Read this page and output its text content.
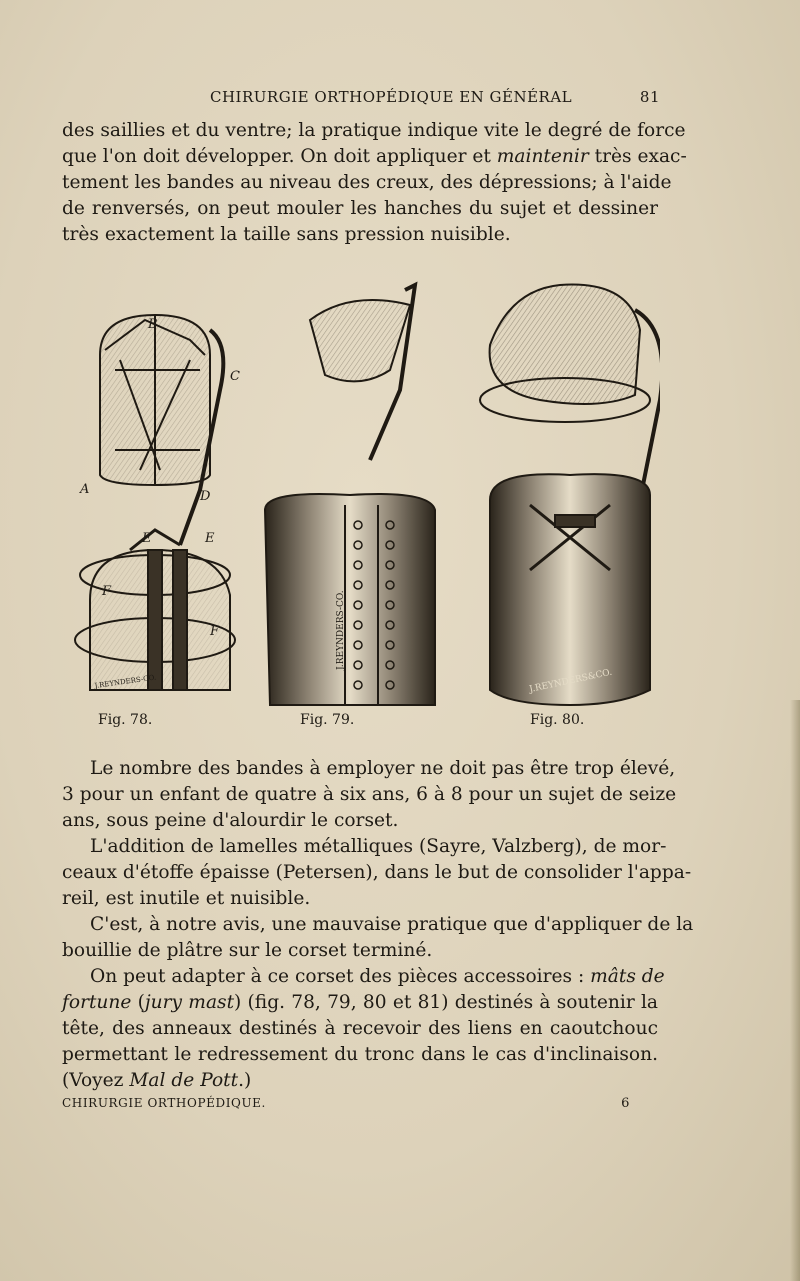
CHIRURGIE ORTHOPÉDIQUE EN GÉNÉRAL	81
des saillies et du ventre; la pratique indique vite le degré de force
que l'on doit développer. On doit appliquer et maintenir très exac-
tement les bandes au niveau des creux, des dépressions; à l'aide
de renversés, on peut mouler les hanches du sujet et dessiner
très exactement la taille sans pression nuisible.
B
C
A	D
E	E
F
F
J.REYNDERS-CO.
J.REYNDERS-CO.
J.REYNDERS&CO.
Fig. 78.	Fig. 79.	Fig. 80.
Le nombre des bandes à employer ne doit pas être trop élevé,
3 pour un enfant de quatre à six ans, 6 à 8 pour un sujet de seize
ans, sous peine d'alourdir le corset.
L'addition de lamelles métalliques (Sayre, Valzberg), de mor-
ceaux d'étoffe épaisse (Petersen), dans le but de consolider l'appa-
reil, est inutile et nuisible.
C'est, à notre avis, une mauvaise pratique que d'appliquer de la
bouillie de plâtre sur le corset terminé.
On peut adapter à ce corset des pièces accessoires : mâts de
fortune (jury mast) (fig. 78, 79, 80 et 81) destinés à soutenir la
tête, des anneaux destinés à recevoir des liens en caoutchouc
permettant le redressement du tronc dans le cas d'inclinaison.
(Voyez Mal de Pott.)
CHIRURGIE ORTHOPÉDIQUE.	6
